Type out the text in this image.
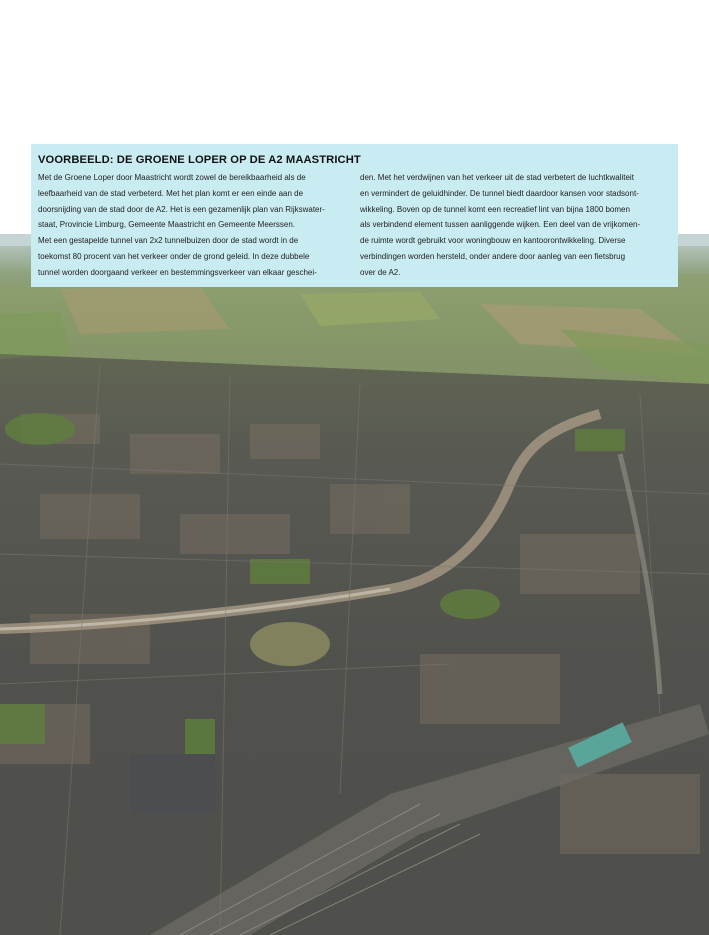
VOORBEELD: DE GROENE LOPER OP DE A2 MAASTRICHT
Met de Groene Loper door Maastricht wordt zowel de bereikbaarheid als de
leefbaarheid van de stad verbeterd. Met het plan komt er een einde aan de
doorsnijding van de stad door de A2. Het is een gezamenlijk plan van Rijkswater-
staat, Provincie Limburg, Gemeente Maastricht en Gemeente Meerssen.
Met een gestapelde tunnel van 2x2 tunnelbuizen door de stad wordt in de
toekomst 80 procent van het verkeer onder de grond geleid. In deze dubbele
tunnel worden doorgaand verkeer en bestemmingsverkeer van elkaar geschei-
den. Met het verdwijnen van het verkeer uit de stad verbetert de luchtkwaliteit
en vermindert de geluidhinder. De tunnel biedt daardoor kansen voor stadsont-
wikkeling. Boven op de tunnel komt een recreatief lint van bijna 1800 bomen
als verbindend element tussen aanliggende wijken. Een deel van de vrijkomen-
de ruimte wordt gebruikt voor woningbouw en kantoorontwikkeling. Diverse
verbindingen worden hersteld, onder andere door aanleg van een fietsbrug
over de A2.
